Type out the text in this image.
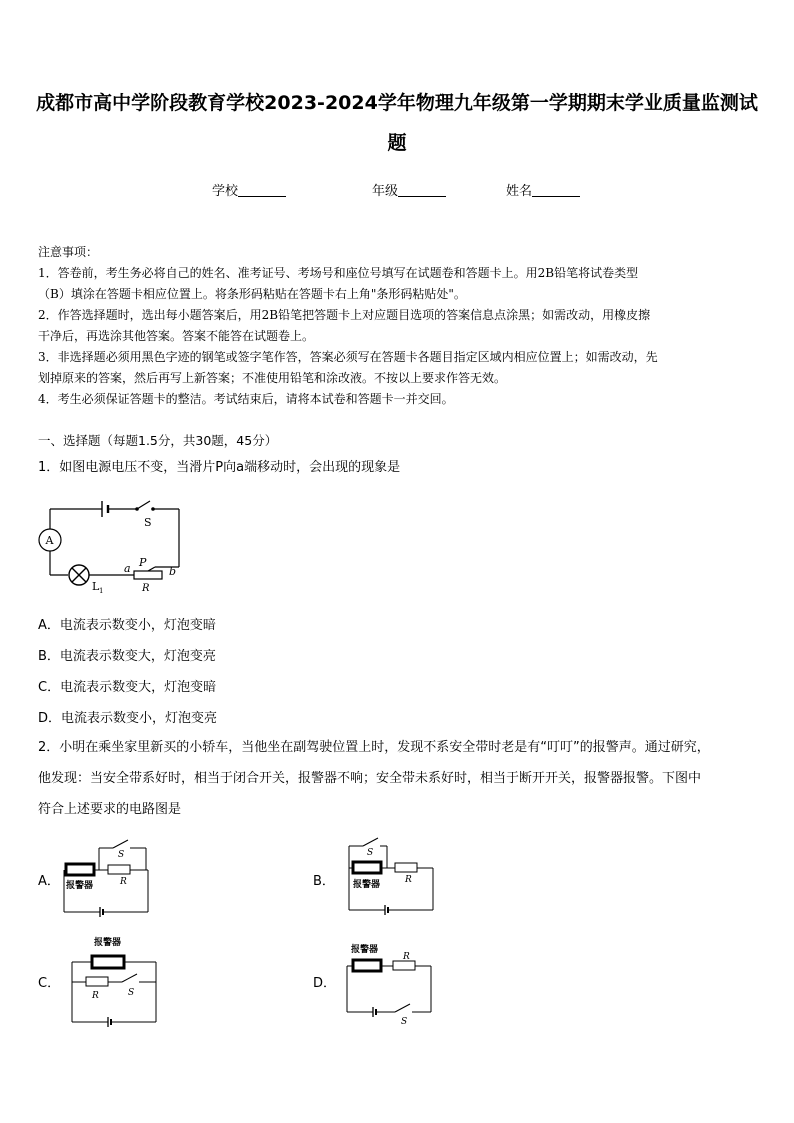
成都市高中学阶段教育学校2023-2024学年物理九年级第一学期期末学业质量监测试
题
学校	年级	姓名

注意事项：

1．答卷前，考生务必将自己的姓名、准考证号、考场号和座位号填写在试题卷和答题卡上。用2B铅笔将试卷类型

（B）填涂在答题卡相应位置上。将条形码粘贴在答题卡右上角"条形码粘贴处"。

2．作答选择题时，选出每小题答案后，用2B铅笔把答题卡上对应题目选项的答案信息点涂黑；如需改动，用橡皮擦

干净后，再选涂其他答案。答案不能答在试题卷上。

3．非选择题必须用黑色字迹的钢笔或签字笔作答，答案必须写在答题卡各题目指定区域内相应位置上；如需改动，先

划掉原来的答案，然后再写上新答案；不准使用铅笔和涂改液。不按以上要求作答无效。

4．考生必须保证答题卡的整洁。考试结束后，请将本试卷和答题卡一并交回。

一、选择题（每题1.5分，共30题，45分）
1．如图电源电压不变，当滑片P向a端移动时，会出现的现象是
S
A
L 1
a P
b
R
A．电流表示数变小，灯泡变暗
B．电流表示数变大，灯泡变亮
C．电流表示数变大，灯泡变暗
D．电流表示数变小，灯泡变亮
2．小明在乘坐家里新买的小轿车，当他坐在副驾驶位置上时，发现不系安全带时老是有“叮叮”的报警声。通过研究，
他发现：当安全带系好时，相当于闭合开关，报警器不响；安全带未系好时，相当于断开开关，报警器报警。下图中
符合上述要求的电路图是
A．
S
R
报警器	B．
S
R
报警器
C．
报警器
R	S
D．
报警器
R
S
